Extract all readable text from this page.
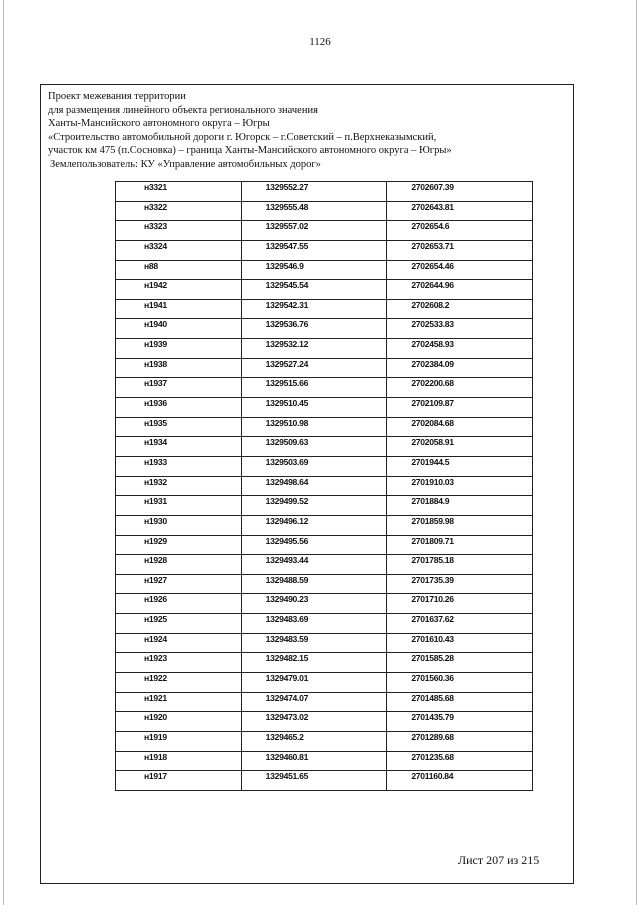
1126
Проект межевания территории
для размещения линейного объекта регионального значения
Ханты-Мансийского автономного округа – Югры
«Строительство автомобильной дороги г. Югорск – г.Советский – п.Верхнеказымский,
участок км 475 (п.Сосновка) – граница Ханты-Мансийского автономного округа – Югры»
Землепользователь: КУ «Управление автомобильных дорог»
н3321	1329552.27	2702607.39
н3322	1329555.48	2702643.81
н3323	1329557.02	2702654.6
н3324	1329547.55	2702653.71
н88	1329546.9	2702654.46
н1942	1329545.54	2702644.96
н1941	1329542.31	2702608.2
н1940	1329536.76	2702533.83
н1939	1329532.12	2702458.93
н1938	1329527.24	2702384.09
н1937	1329515.66	2702200.68
н1936	1329510.45	2702109.87
н1935	1329510.98	2702084.68
н1934	1329509.63	2702058.91
н1933	1329503.69	2701944.5
н1932	1329498.64	2701910.03
н1931	1329499.52	2701884.9
н1930	1329496.12	2701859.98
н1929	1329495.56	2701809.71
н1928	1329493.44	2701785.18
н1927	1329488.59	2701735.39
н1926	1329490.23	2701710.26
н1925	1329483.69	2701637.62
н1924	1329483.59	2701610.43
н1923	1329482.15	2701585.28
н1922	1329479.01	2701560.36
н1921	1329474.07	2701485.68
н1920	1329473.02	2701435.79
н1919	1329465.2	2701289.68
н1918	1329460.81	2701235.68
н1917	1329451.65	2701160.84
Лист 207 из 215
